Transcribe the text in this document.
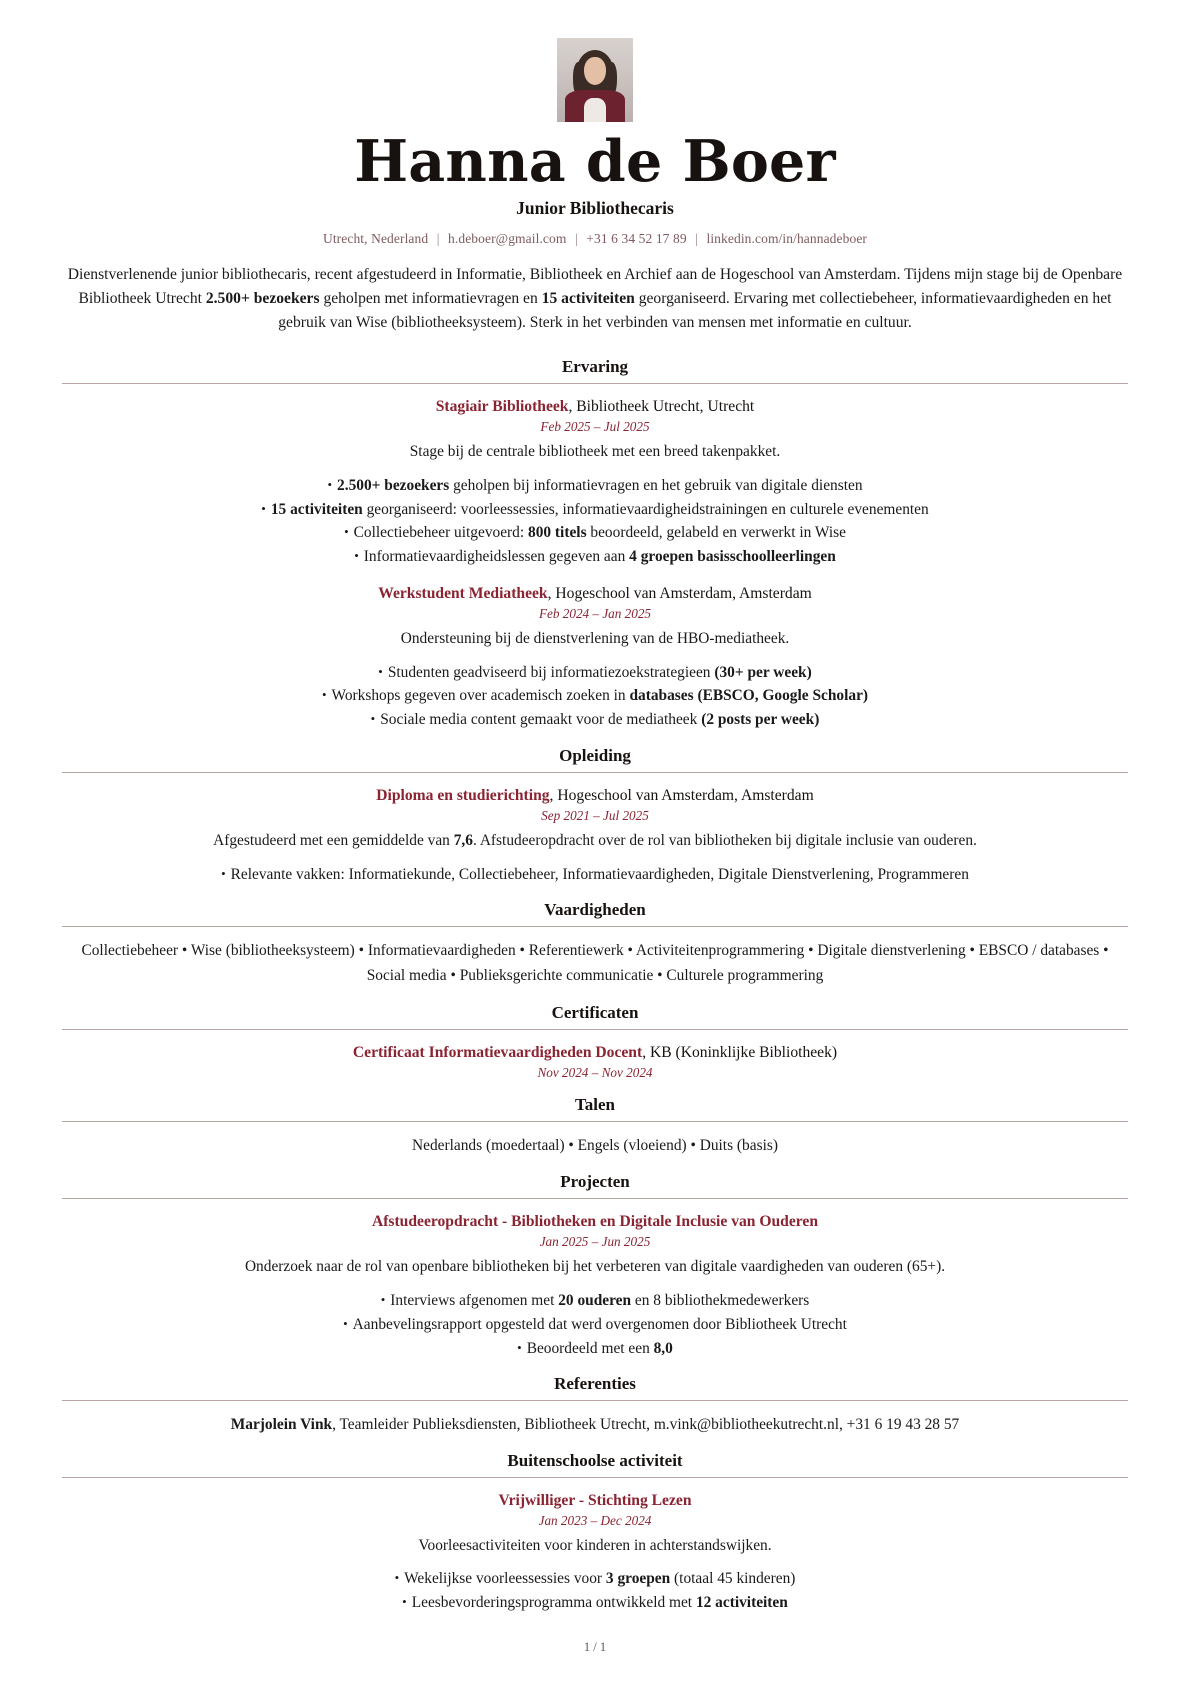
Hanna de Boer
Junior Bibliothecaris
Utrecht, Nederland | h.deboer@gmail.com | +31 6 34 52 17 89 | linkedin.com/in/hannadeboer
Dienstverlenende junior bibliothecaris, recent afgestudeerd in Informatie, Bibliotheek en Archief aan de Hogeschool van Amsterdam. Tijdens mijn stage bij de Openbare Bibliotheek Utrecht 2.500+ bezoekers geholpen met informatievragen en 15 activiteiten georganiseerd. Ervaring met collectiebeheer, informatievaardigheden en het gebruik van Wise (bibliotheeksysteem). Sterk in het verbinden van mensen met informatie en cultuur.
Ervaring
Stagiair Bibliotheek, Bibliotheek Utrecht, Utrecht
Feb 2025 – Jul 2025
Stage bij de centrale bibliotheek met een breed takenpakket.
• 2.500+ bezoekers geholpen bij informatievragen en het gebruik van digitale diensten
• 15 activiteiten georganiseerd: voorleessessies, informatievaardigheidstrainingen en culturele evenementen
• Collectiebeheer uitgevoerd: 800 titels beoordeeld, gelabeld en verwerkt in Wise
• Informatievaardigheidslessen gegeven aan 4 groepen basisschoolleerlingen
Werkstudent Mediatheek, Hogeschool van Amsterdam, Amsterdam
Feb 2024 – Jan 2025
Ondersteuning bij de dienstverlening van de HBO-mediatheek.
• Studenten geadviseerd bij informatiezoekstrategieen (30+ per week)
• Workshops gegeven over academisch zoeken in databases (EBSCO, Google Scholar)
• Sociale media content gemaakt voor de mediatheek (2 posts per week)
Opleiding
Diploma en studierichting, Hogeschool van Amsterdam, Amsterdam
Sep 2021 – Jul 2025
Afgestudeerd met een gemiddelde van 7,6. Afstudeeropdracht over de rol van bibliotheken bij digitale inclusie van ouderen.
• Relevante vakken: Informatiekunde, Collectiebeheer, Informatievaardigheden, Digitale Dienstverlening, Programmeren
Vaardigheden
Collectiebeheer • Wise (bibliotheeksysteem) • Informatievaardigheden • Referentiewerk • Activiteitenprogrammering • Digitale dienstverlening • EBSCO / databases • Social media • Publieksgerichte communicatie • Culturele programmering
Certificaten
Certificaat Informatievaardigheden Docent, KB (Koninklijke Bibliotheek)
Nov 2024 – Nov 2024
Talen
Nederlands (moedertaal) • Engels (vloeiend) • Duits (basis)
Projecten
Afstudeeropdracht - Bibliotheken en Digitale Inclusie van Ouderen
Jan 2025 – Jun 2025
Onderzoek naar de rol van openbare bibliotheken bij het verbeteren van digitale vaardigheden van ouderen (65+).
• Interviews afgenomen met 20 ouderen en 8 bibliothekmedewerkers
• Aanbevelingsrapport opgesteld dat werd overgenomen door Bibliotheek Utrecht
• Beoordeeld met een 8,0
Referenties
Marjolein Vink, Teamleider Publieksdiensten, Bibliotheek Utrecht, m.vink@bibliotheekutrecht.nl, +31 6 19 43 28 57
Buitenschoolse activiteit
Vrijwilliger - Stichting Lezen
Jan 2023 – Dec 2024
Voorleesactiviteiten voor kinderen in achterstandswijken.
• Wekelijkse voorleessessies voor 3 groepen (totaal 45 kinderen)
• Leesbevorderingsprogramma ontwikkeld met 12 activiteiten
1 / 1
